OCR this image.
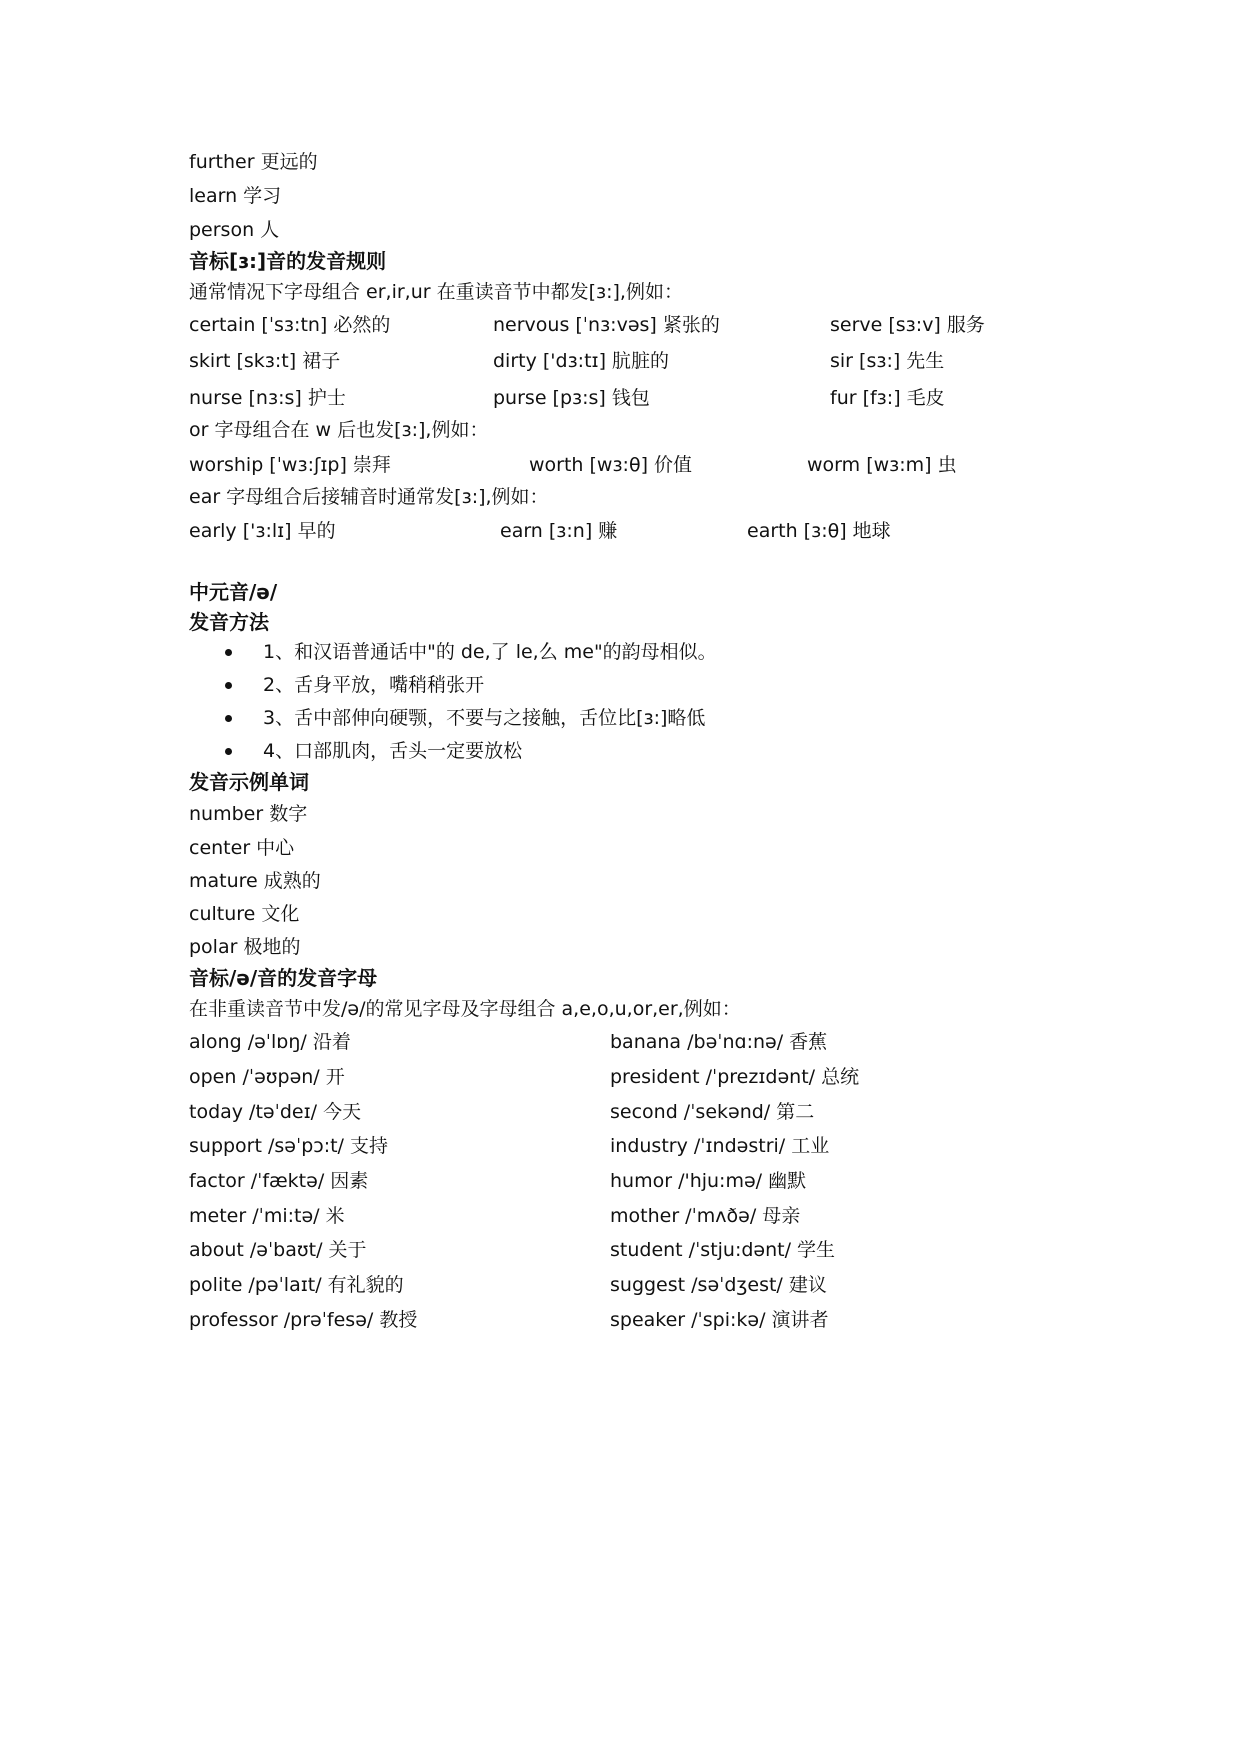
further 更远的
learn 学习
person 人
音标[ɜ:]音的发音规则
通常情况下字母组合 er,ir,ur 在重读音节中都发[ɜ:],例如：
certain [ˈsɜ:tn] 必然的	nervous [ˈnɜ:vəs] 紧张的	serve [sɜ:v] 服务
skirt [skɜ:t] 裙子	dirty ['dɜ:tɪ] 肮脏的	sir [sɜ:] 先生
nurse [nɜ:s] 护士	purse [pɜ:s] 钱包	fur [fɜ:] 毛皮
or 字母组合在 w 后也发[ɜ:],例如：
worship [ˈwɜ:ʃɪp] 崇拜	worth [wɜ:θ] 价值	worm [wɜ:m] 虫
ear 字母组合后接辅音时通常发[ɜ:],例如：
early ['ɜ:lɪ] 早的	earn [ɜ:n] 赚	earth [ɜ:θ] 地球
中元音/ə/
发音方法
1、和汉语普通话中"的 de,了 le,么 me"的韵母相似。
2、舌身平放，嘴稍稍张开
3、舌中部伸向硬颚，不要与之接触，舌位比[ɜ:]略低
4、口部肌肉，舌头一定要放松
发音示例单词
number 数字
center 中心
mature 成熟的
culture 文化
polar 极地的
音标/ə/音的发音字母
在非重读音节中发/ə/的常见字母及字母组合 a,e,o,u,or,er,例如：
along /əˈlɒŋ/ 沿着	banana /bəˈnɑ:nə/ 香蕉
open /ˈəʊpən/ 开	president /ˈprezɪdənt/ 总统
today /təˈdeɪ/ 今天	second /ˈsekənd/ 第二
support /səˈpɔ:t/ 支持	industry /ˈɪndəstri/ 工业
factor /ˈfæktə/ 因素	humor /'hju:mə/ 幽默
meter /ˈmi:tə/ 米	mother /ˈmʌðə/ 母亲
about /əˈbaʊt/ 关于	student /ˈstju:dənt/ 学生
polite /pəˈlaɪt/ 有礼貌的	suggest /səˈdʒest/ 建议
professor /prəˈfesə/ 教授	speaker /ˈspi:kə/ 演讲者
